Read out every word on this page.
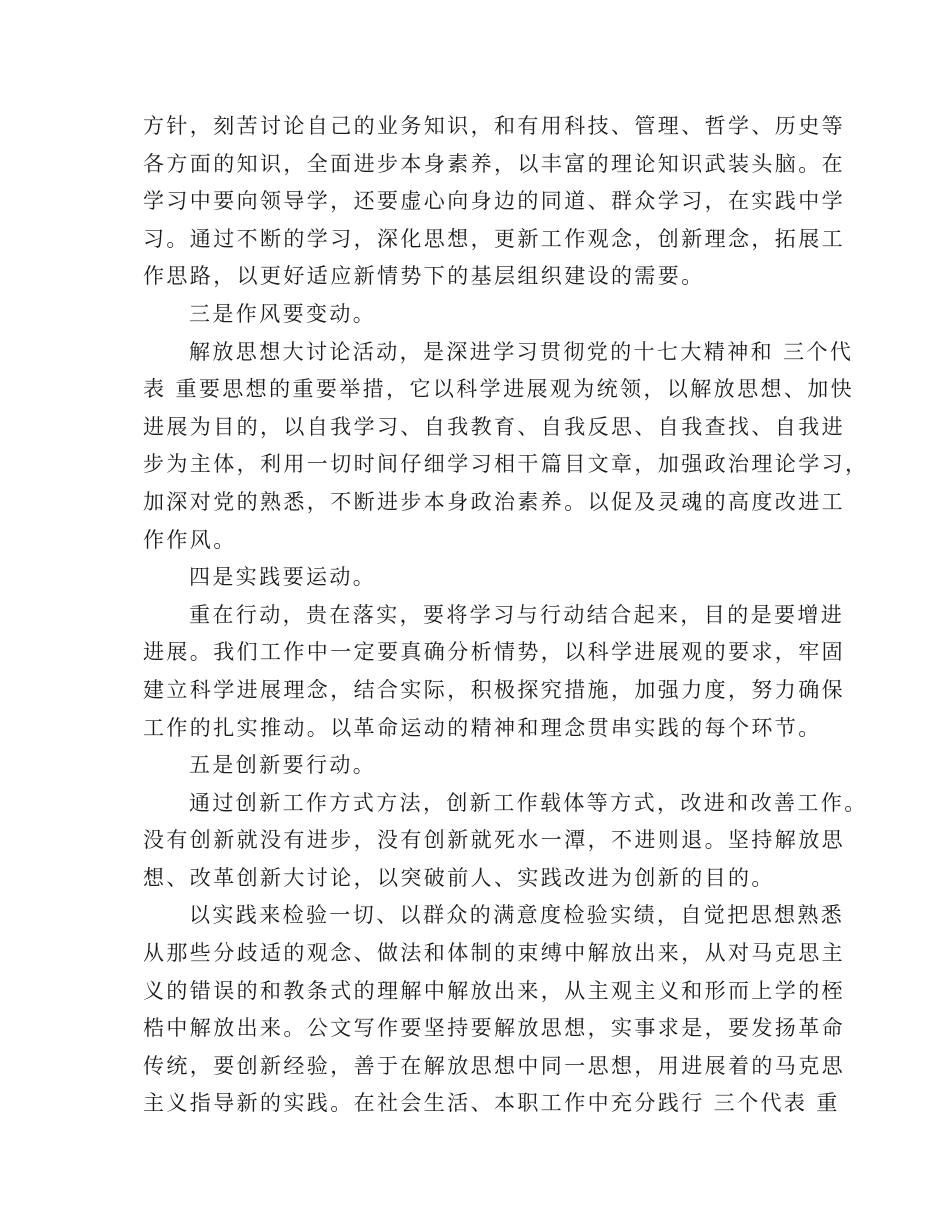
方针，刻苦讨论自己的业务知识，和有用科技、管理、哲学、历史等
各方面的知识，全面进步本身素养，以丰富的理论知识武装头脑。在
学习中要向领导学，还要虚心向身边的同道、群众学习，在实践中学
习。通过不断的学习，深化思想，更新工作观念，创新理念，拓展工
作思路，以更好适应新情势下的基层组织建设的需要。
三是作风要变动。
解放思想大讨论活动，是深进学习贯彻党的十七大精神和 三个代
表 重要思想的重要举措，它以科学进展观为统领，以解放思想、加快
进展为目的，以自我学习、自我教育、自我反思、自我查找、自我进
步为主体，利用一切时间仔细学习相干篇目文章，加强政治理论学习，
加深对党的熟悉，不断进步本身政治素养。以促及灵魂的高度改进工
作作风。
四是实践要运动。
重在行动，贵在落实，要将学习与行动结合起来，目的是要增进
进展。我们工作中一定要真确分析情势，以科学进展观的要求，牢固
建立科学进展理念，结合实际，积极探究措施，加强力度，努力确保
工作的扎实推动。以革命运动的精神和理念贯串实践的每个环节。
五是创新要行动。
通过创新工作方式方法，创新工作载体等方式，改进和改善工作。
没有创新就没有进步，没有创新就死水一潭，不进则退。坚持解放思
想、改革创新大讨论，以突破前人、实践改进为创新的目的。
以实践来检验一切、以群众的满意度检验实绩，自觉把思想熟悉
从那些分歧适的观念、做法和体制的束缚中解放出来，从对马克思主
义的错误的和教条式的理解中解放出来，从主观主义和形而上学的桎
梏中解放出来。公文写作要坚持要解放思想，实事求是，要发扬革命
传统，要创新经验，善于在解放思想中同一思想，用进展着的马克思
主义指导新的实践。在社会生活、本职工作中充分践行 三个代表 重
